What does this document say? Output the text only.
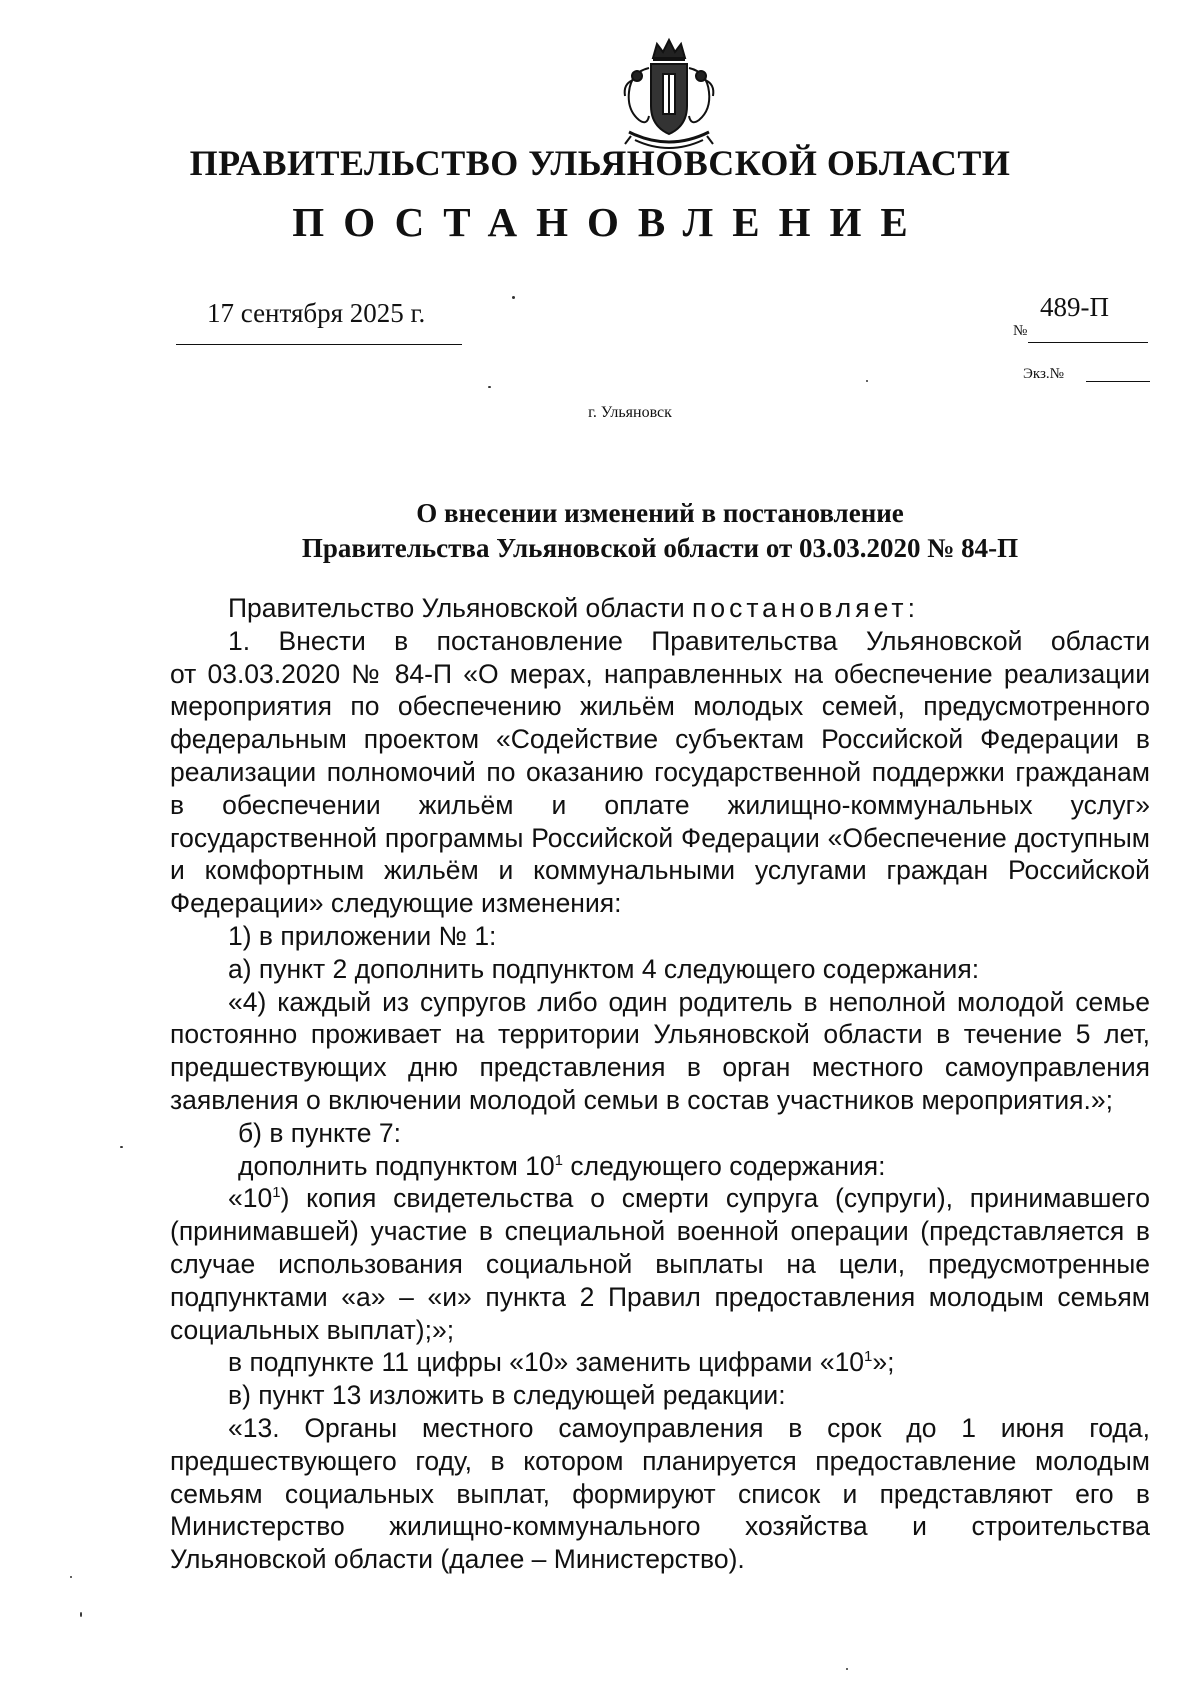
ПРАВИТЕЛЬСТВО УЛЬЯНОВСКОЙ ОБЛАСТИ
ПОСТАНОВЛЕНИЕ
17 сентября 2025 г.
№
489-П
Экз.№
г. Ульяновск
О внесении изменений в постановление
Правительства Ульяновской области от 03.03.2020 № 84-П

Правительство Ульяновской области постановляет:

1. Внести в постановление Правительства Ульяновской области

от 03.03.2020 № 84-П «О мерах, направленных на обеспечение реализации мероприятия по обеспечению жильём молодых семей, предусмотренного федеральным проектом «Содействие субъектам Российской Федерации в реализации полномочий по оказанию государственной поддержки гражданам в обеспечении жильём и оплате жилищно-коммунальных услуг» государственной программы Российской Федерации «Обеспечение доступным и комфортным жильём и коммунальными услугами граждан Российской Федерации» следующие изменения:

1) в приложении № 1:

а) пункт 2 дополнить подпунктом 4 следующего содержания:

«4) каждый из супругов либо один родитель в неполной молодой семье постоянно проживает на территории Ульяновской области в течение 5 лет, предшествующих дню представления в орган местного самоуправления заявления о включении молодой семьи в состав участников мероприятия.»;

б) в пункте 7:

дополнить подпунктом $10^1$ следующего содержания:

«$10^1$) копия свидетельства о смерти супруга (супруги), принимавшего (принимавшей) участие в специальной военной операции (представляется в случае использования социальной выплаты на цели, предусмотренные подпунктами «а» – «и» пункта 2 Правил предоставления молодым семьям социальных выплат);»;

в подпункте 11 цифры «10» заменить цифрами «$10^1$»;

в) пункт 13 изложить в следующей редакции:

«13. Органы местного самоуправления в срок до 1 июня года, предшествующего году, в котором планируется предоставление молодым семьям социальных выплат, формируют список и представляют его в Министерство жилищно-коммунального хозяйства и строительства Ульяновской области (далее – Министерство).
